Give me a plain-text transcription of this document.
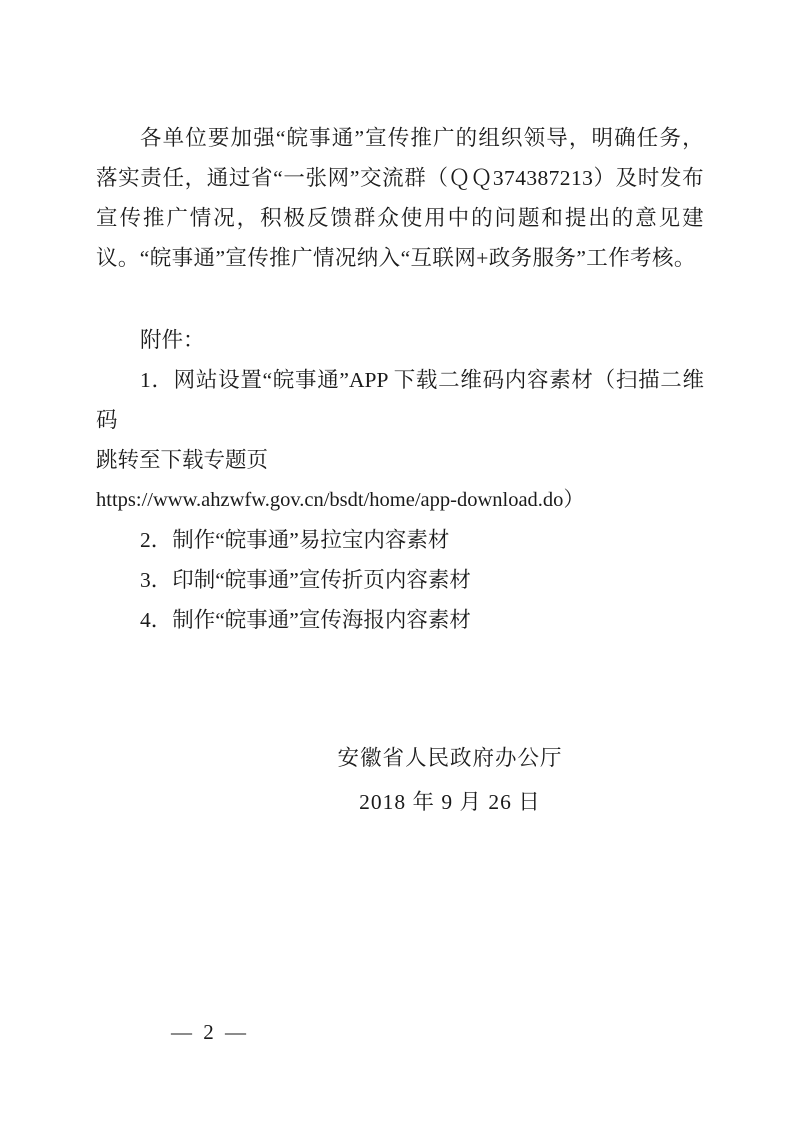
各单位要加强“皖事通”宣传推广的组织领导，明确任务，落实责任，通过省“一张网”交流群（ＱＱ374387213）及时发布宣传推广情况，积极反馈群众使用中的问题和提出的意见建议。“皖事通”宣传推广情况纳入“互联网+政务服务”工作考核。

附件：

1．网站设置“皖事通”APP 下载二维码内容素材（扫描二维码

跳转至下载专题页

https://www.ahzwfw.gov.cn/bsdt/home/app-download.do）

2．制作“皖事通”易拉宝内容素材

3．印制“皖事通”宣传折页内容素材

4．制作“皖事通”宣传海报内容素材

安徽省人民政府办公厅
2018 年 9 月 26 日
— 2 —
